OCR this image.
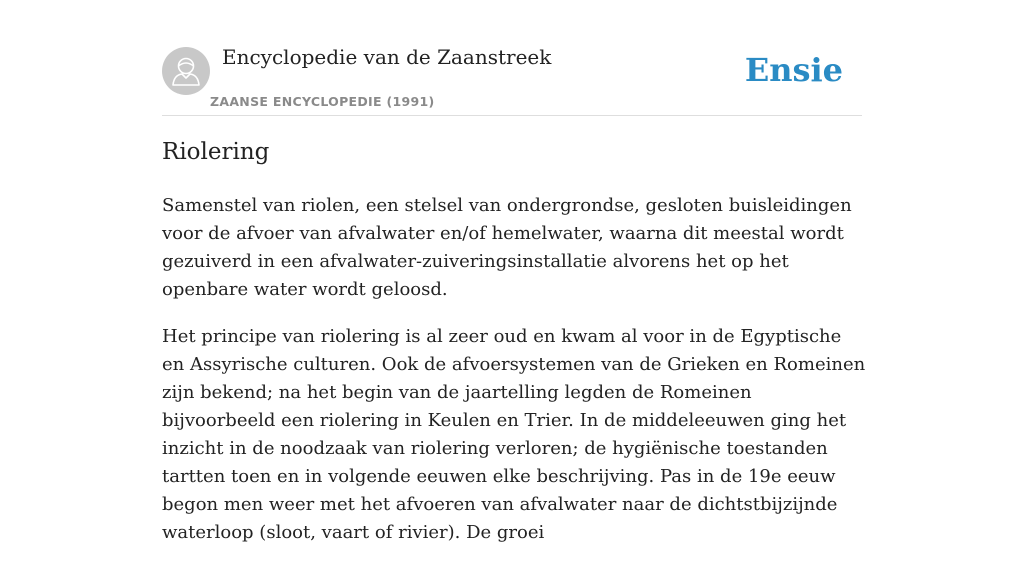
Encyclopedie van de Zaanstreek
ZAANSE ENCYCLOPEDIE (1991)
Ensie
Riolering

Samenstel van riolen, een stelsel van ondergrondse, gesloten buisleidingen voor de afvoer van afvalwater en/of hemelwater, waarna dit meestal wordt gezuiverd in een afvalwater-zuiveringsinstallatie alvorens het op het openbare water wordt geloosd.

Het principe van riolering is al zeer oud en kwam al voor in de Egyptische en Assyrische culturen. Ook de afvoersystemen van de Grieken en Romeinen zijn bekend; na het begin van de jaartelling legden de Romeinen bijvoorbeeld een riolering in Keulen en Trier. In de middeleeuwen ging het inzicht in de noodzaak van riolering verloren; de hygiënische toestanden tartten toen en in volgende eeuwen elke beschrijving. Pas in de 19e eeuw begon men weer met het afvoeren van afvalwater naar de dichtstbijzijnde waterloop (sloot, vaart of rivier). De groei
